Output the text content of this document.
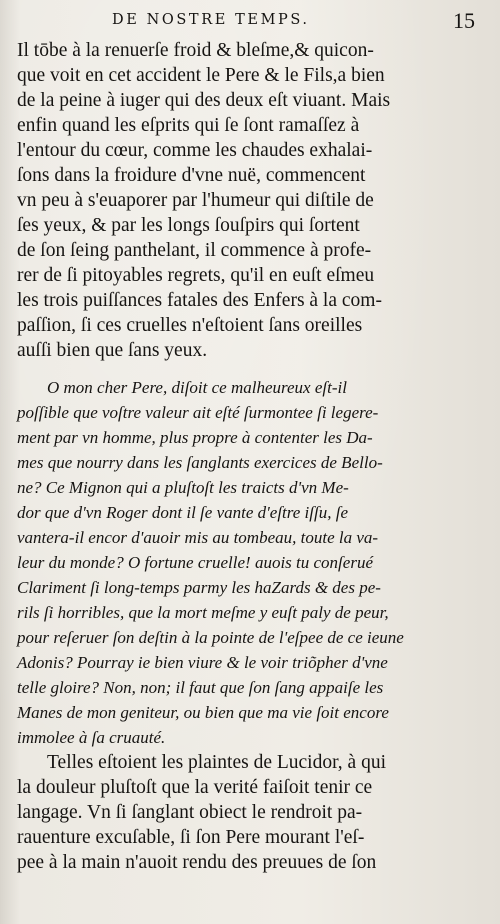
DE NOSTRE TEMPS.	15
Il tōbe à la renuerſe froid & bleſme,& quicon-
que voit en cet accident le Pere & le Fils,a bien
de la peine à iuger qui des deux eſt viuant. Mais
enfin quand les eſprits qui ſe ſont ramaſſez à
l'entour du cœur, comme les chaudes exhalai-
ſons dans la froidure d'vne nuë, commencent
vn peu à s'euaporer par l'humeur qui diſtile de
ſes yeux, & par les longs ſouſpirs qui ſortent
de ſon ſeing panthelant, il commence à profe-
rer de ſi pitoyables regrets, qu'il en euſt eſmeu
les trois puiſſances fatales des Enfers à la com-
paſſion, ſi ces cruelles n'eſtoient ſans oreilles
auſſi bien que ſans yeux.
O mon cher Pere, diſoit ce malheureux eſt-il
poſſible que voſtre valeur ait eſté ſurmontee ſi legere-
ment par vn homme, plus propre à contenter les Da-
mes que nourry dans les ſanglants exercices de Bello-
ne? Ce Mignon qui a pluſtoſt les traicts d'vn Me-
dor que d'vn Roger dont il ſe vante d'eſtre iſſu, ſe
vantera-il encor d'auoir mis au tombeau, toute la va-
leur du monde? O fortune cruelle! auois tu conſerué
Clariment ſi long-temps parmy les haZards & des pe-
rils ſi horribles, que la mort meſme y euſt paly de peur,
pour reſeruer ſon deſtin à la pointe de l'eſpee de ce ieune
Adonis? Pourray ie bien viure & le voir triõpher d'vne
telle gloire? Non, non; il faut que ſon ſang appaiſe les
Manes de mon geniteur, ou bien que ma vie ſoit encore
immolee à ſa cruauté.
Telles eſtoient les plaintes de Lucidor, à qui
la douleur pluſtoſt que la verité faiſoit tenir ce
langage. Vn ſi ſanglant obiect le rendroit pa-
rauenture excuſable, ſi ſon Pere mourant l'eſ-
pee à la main n'auoit rendu des preuues de ſon
